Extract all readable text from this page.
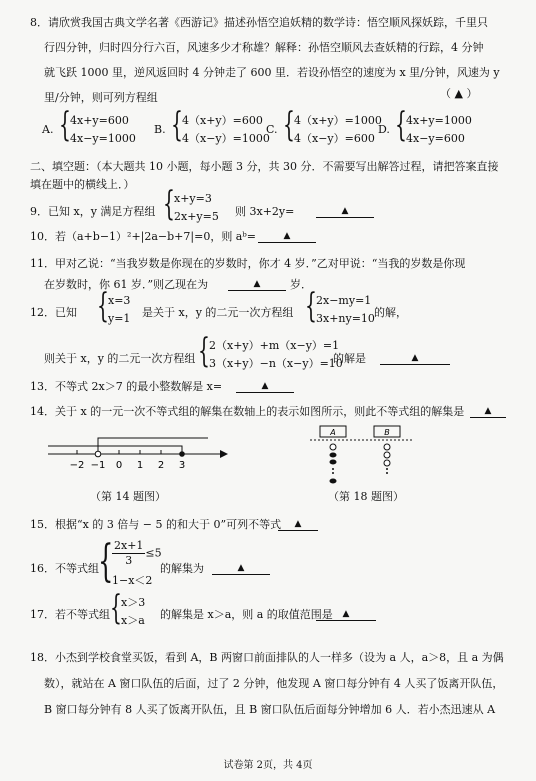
8．请欣赏我国古典文学名著《西游记》描述孙悟空追妖精的数学诗：悟空顺风探妖踪，千里只
行四分钟，归时四分行六百，风速多少才称雄？解释：孙悟空顺风去查妖精的行踪，4 分钟
就飞跃 1000 里，逆风返回时 4 分钟走了 600 里．若设孙悟空的速度为 x 里/分钟，风速为 y
里/分钟，则可列方程组	（ ▲ ）
A. { 4x+y=600
4x−y=1000
B. { 4（x+y）=600
4（x−y）=1000
C. { 4（x+y）=1000
4（x−y）=600
D. { 4x+y=1000
4x−y=600
二、填空题：（本大题共 10 小题，每小题 3 分，共 30 分．不需要写出解答过程，请把答案直接
填在题中的横线上．）
9．已知 x，y 满足方程组 { x+y=3
2x+y=5 则 3x+2y=	▲
10．若（a+b−1）²+|2a−b+7|=0，则 aᵇ=	▲
11．甲对乙说：“当我岁数是你现在的岁数时，你才 4 岁．”乙对甲说：“当我的岁数是你现
在岁数时，你 61 岁．”则乙现在为	▲	岁．
12．已知 { x=3
y=1 是关于 x，y 的二元一次方程组 { 2x−my=1
3x+ny=10 的解，
则关于 x，y 的二元一次方程组 { 2（x+y）+m（x−y）=1
3（x+y）−n（x−y）=10
的解是	▲
13．不等式 2x＞7 的最小整数解是 x=	▲
14．关于 x 的一元一次不等式组的解集在数轴上的表示如图所示，则此不等式组的解集是	▲
−2 −1 0 1 2 3
（第 14 题图）
A	B
（第 18 题图）
15．根据“x 的 3 倍与 − 5 的和大于 0”可列不等式	▲
16．不等式组 {
$\frac{2x+1}{3} \le 5$
1−x＜2
的解集为	▲
17．若不等式组 { x＞3
x＞a 的解集是 x＞a，则 a 的取值范围是	▲
18．小杰到学校食堂买饭，看到 A，B 两窗口前面排队的人一样多（设为 a 人，a＞8，且 a 为偶
数），就站在 A 窗口队伍的后面，过了 2 分钟，他发现 A 窗口每分钟有 4 人买了饭离开队伍，
B 窗口每分钟有 8 人买了饭离开队伍，且 B 窗口队伍后面每分钟增加 6 人．若小杰迅速从 A
试卷第 2页，共 4页
